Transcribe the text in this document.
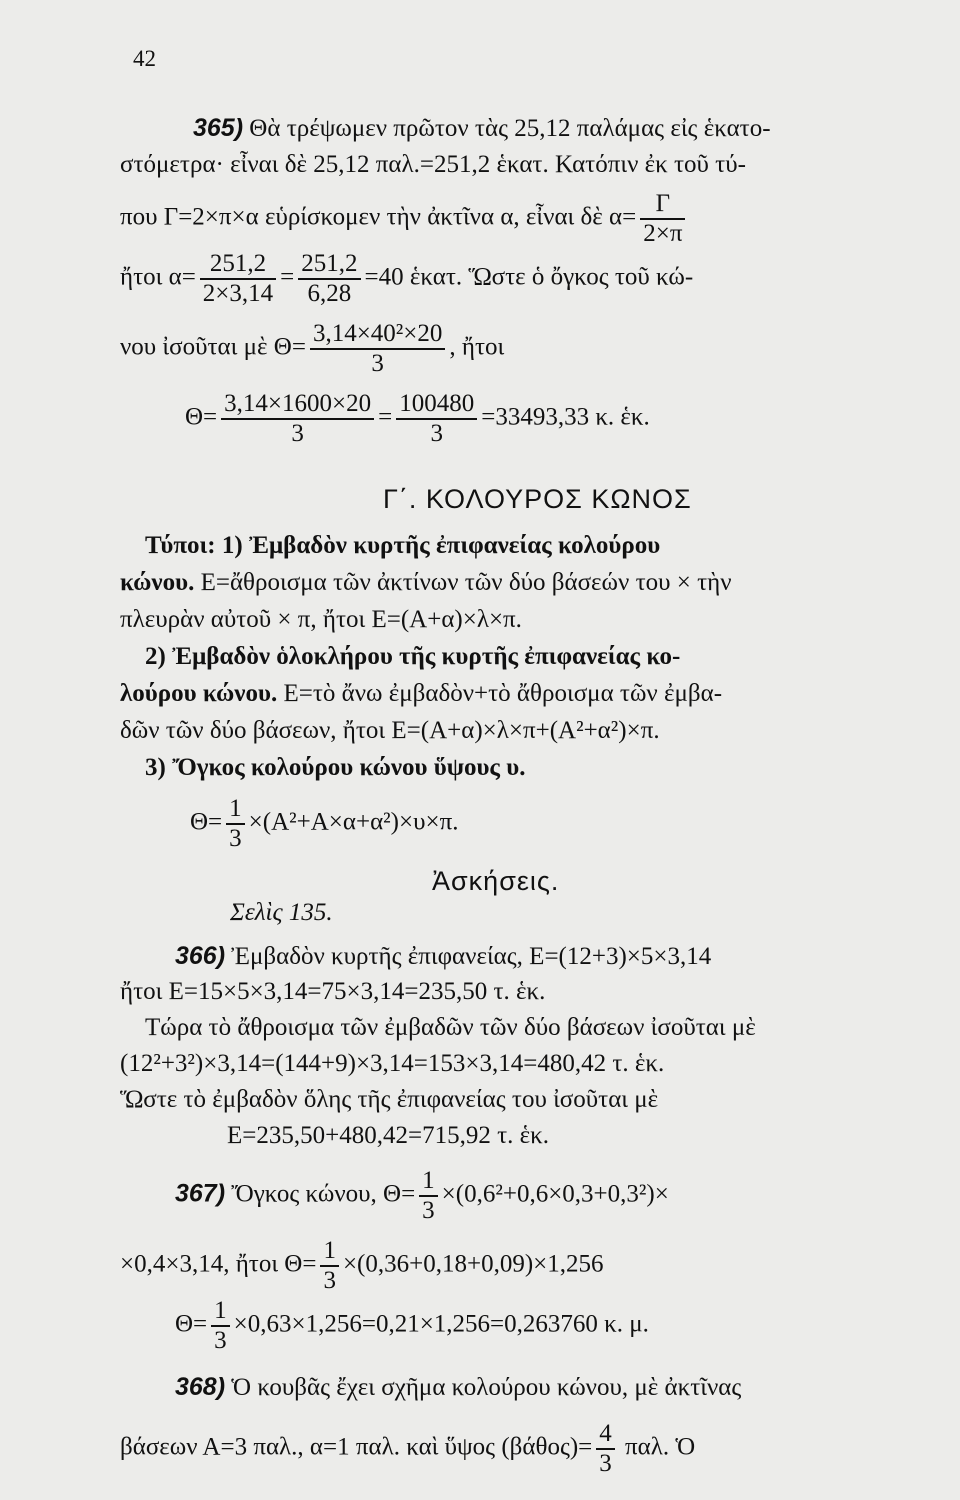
42
365) Θὰ τρέψωμεν πρῶτον τὰς 25,12 παλάμας εἰς ἑκατο-
στόμετρα· εἶναι δὲ 25,12 παλ.=251,2 ἑκατ. Κατόπιν ἐκ τοῦ τύ-
που Γ=2×π×α εὑρίσκομεν τὴν ἀκτῖνα α, εἶναι δὲ $\alpha= \frac{\Gamma}{2\times\pi}$
ἤτοι $\alpha= \frac{251,2}{2\times 3,14} = \frac{251,2}{6,28} =40$ ἑκατ. Ὥστε ὁ ὄγκος τοῦ κώ-
νου ἰσοῦται μὲ $\Theta= \frac{\text{3,14×40²×20}}{3}$ , ἤτοι
$\Theta= \frac{3,14\times 1600\times 20}{3} = \frac{100480}{3} =33493,33$ κ. ἑκ.
Γ΄. ΚΟΛΟΥΡΟΣ ΚΩΝΟΣ
Τύποι: 1) Ἐμβαδὸν κυρτῆς ἐπιφανείας κολούρου
κώνου. Ε=ἄθροισμα τῶν ἀκτίνων τῶν δύο βάσεών του × τὴν
πλευρὰν αὐτοῦ × π, ἤτοι Ε=(Α+α)×λ×π.
2) Ἐμβαδὸν ὁλοκλήρου τῆς κυρτῆς ἐπιφανείας κο-
λούρου κώνου. Ε=τὸ ἄνω ἐμβαδὸν+τὸ ἄθροισμα τῶν ἐμβα-
δῶν τῶν δύο βάσεων, ἤτοι Ε=(Α+α)×λ×π+(Α²+α²)×π.
3) Ὄγκος κολούρου κώνου ὕψους υ.
$\Theta= \frac{1}{3} \times(A^2+A\times\alpha+\alpha^2)\times\upsilon\times\pi$.
Ἀσκήσεις.
Σελὶς 135.
366) Ἐμβαδὸν κυρτῆς ἐπιφανείας, Ε=(12+3)×5×3,14
ἤτοι Ε=15×5×3,14=75×3,14=235,50 τ. ἑκ.
Τώρα τὸ ἄθροισμα τῶν ἐμβαδῶν τῶν δύο βάσεων ἰσοῦται μὲ
(12²+3²)×3,14=(144+9)×3,14=153×3,14=480,42 τ. ἑκ.
Ὥστε τὸ ἐμβαδὸν ὅλης τῆς ἐπιφανείας του ἰσοῦται μὲ
Ε=235,50+480,42=715,92 τ. ἑκ.
367) Ὄγκος κώνου, $\Theta= \frac{1}{3} \times(0,6^2+0,6\times 0,3+0,3^2)\times$
×0,4×3,14, ἤτοι $\Theta= \frac{1}{3} \times(0,36+0,18+0,09)\times 1,256$
$\Theta= \frac{1}{3} \times 0,63\times 1,256=0,21\times 1,256=0,263760$ κ. μ.
368) Ὁ κουβᾶς ἔχει σχῆμα κολούρου κώνου, μὲ ἀκτῖνας
βάσεων Α=3 παλ., α=1 παλ. καὶ ὕψος $(\beta ά\theta o\varsigma)= \frac{4}{3} \pi\alpha\lambda$. Ὁ
